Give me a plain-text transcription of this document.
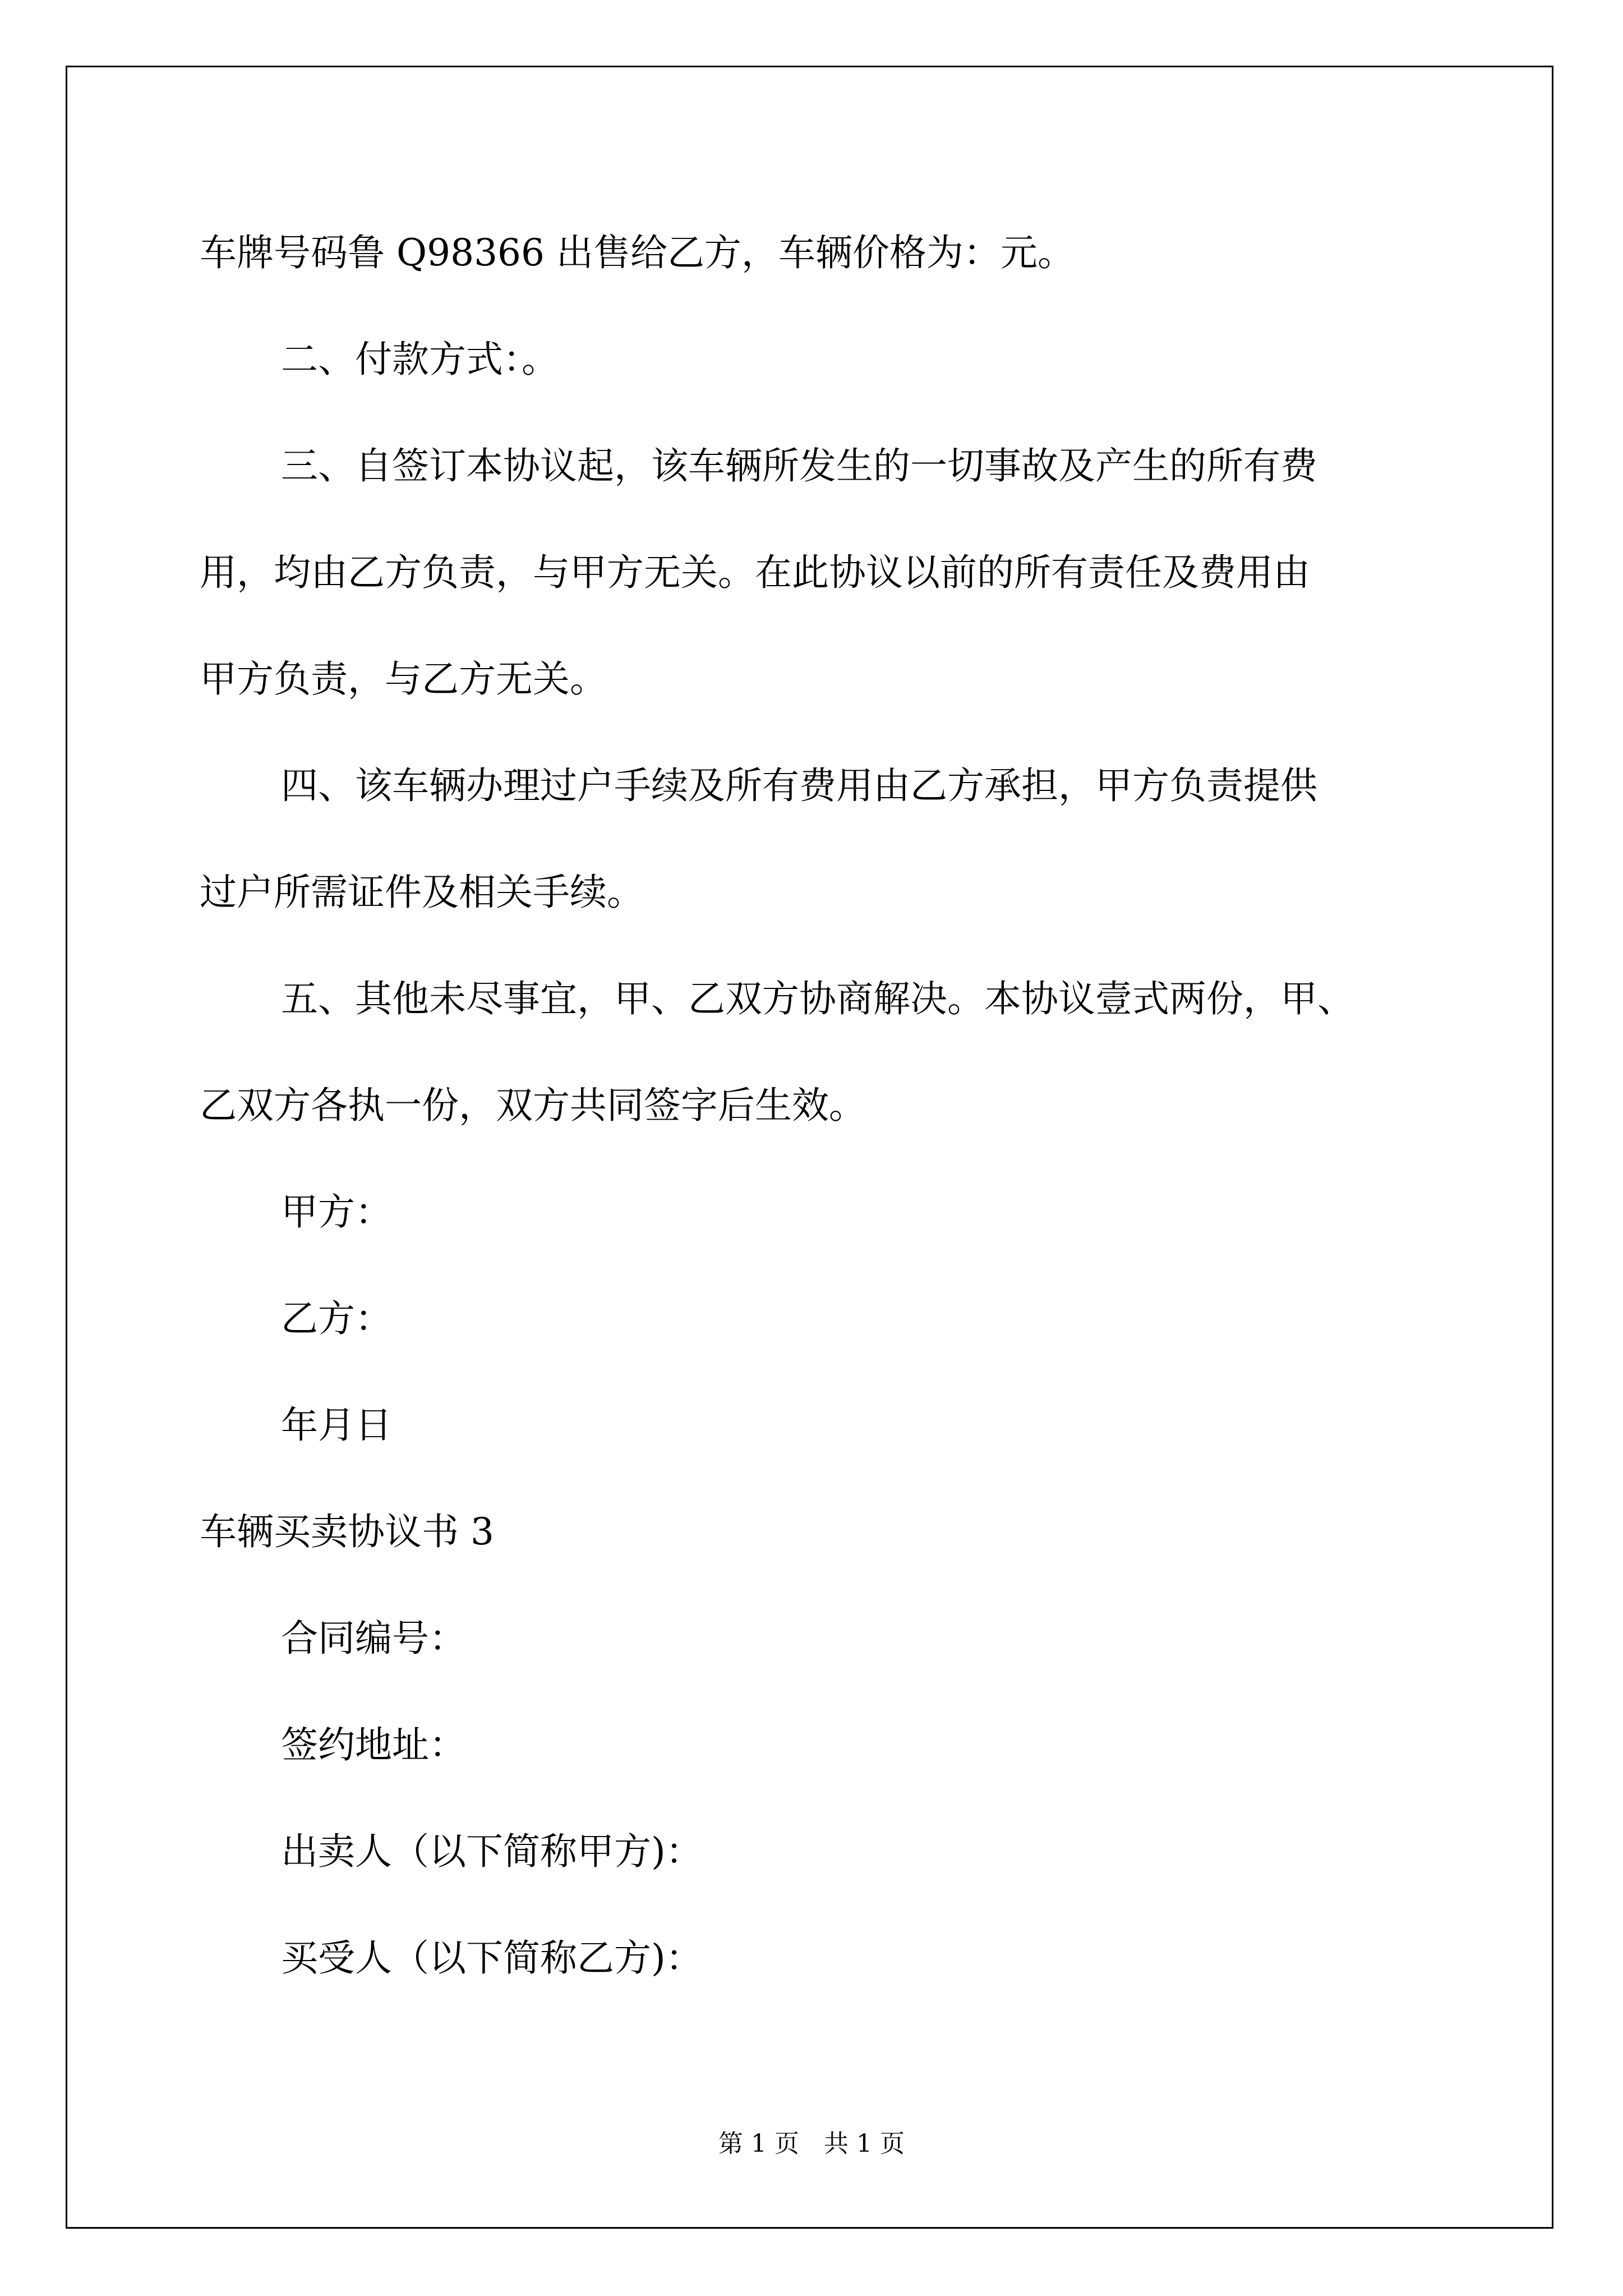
车牌号码鲁 Q98366 出售给乙方，车辆价格为：元。

二、付款方式：。

三、自签订本协议起，该车辆所发生的一切事故及产生的所有费

用，均由乙方负责，与甲方无关。在此协议以前的所有责任及费用由

甲方负责，与乙方无关。

四、该车辆办理过户手续及所有费用由乙方承担，甲方负责提供

过户所需证件及相关手续。

五、其他未尽事宜，甲、乙双方协商解决。本协议壹式两份，甲、

乙双方各执一份，双方共同签字后生效。

甲方：

乙方：

年月日

车辆买卖协议书 3

合同编号：

签约地址：

出卖人（以下简称甲方)：

买受人（以下简称乙方)：

第 1 页 共 1 页
